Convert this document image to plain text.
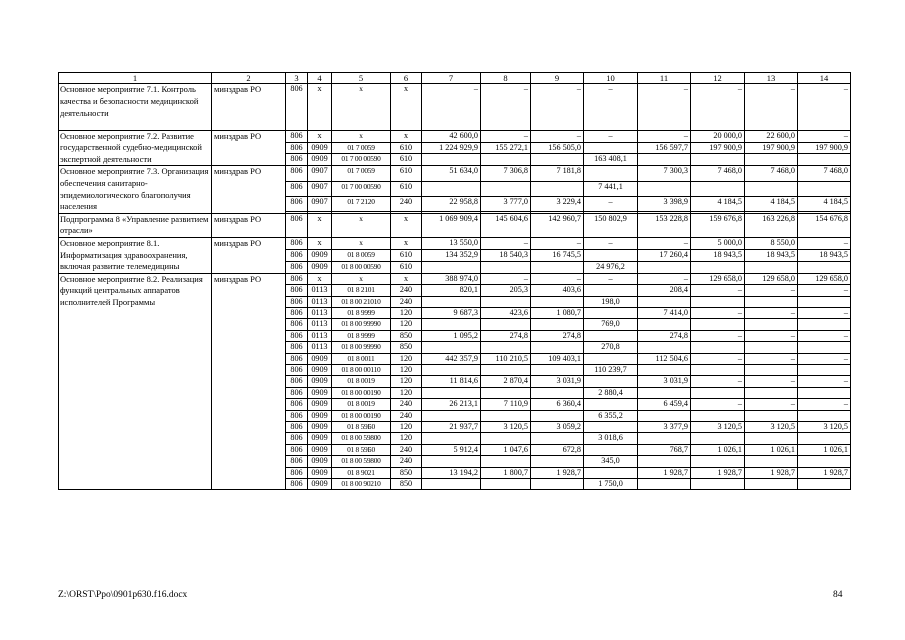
1	2	3	4	5	6	7	8	9	10	11	12	13	14
Основное мероприятие 7.1. Контроль качества и безопасности медицинской деятельности	минздрав РО	806	x	x	x	–	–	–	–	–	–	–	–
Основное мероприятие 7.2. Развитие государственной судебно-медицинской экспертной деятельности	минздрав РО	806	x	x	x	42 600,0	–	–	–	–	20 000,0	22 600,0	–
		806	0909	01 7 0059	610	1 224 929,9	155 272,1	156 505,0		156 597,7	197 900,9	197 900,9	197 900,9
		806	0909	01 7 00 00590	610				163 408,1				
Основное мероприятие 7.3. Организация обеспечения санитарно-эпидемиологического благополучия населения	минздрав РО	806	0907	01 7 0059	610	51 634,0	7 306,8	7 181,8		7 300,3	7 468,0	7 468,0	7 468,0
		806	0907	01 7 00 00590	610				7 441,1				
		806	0907	01 7 2120	240	22 958,8	3 777,0	3 229,4	–	3 398,9	4 184,5	4 184,5	4 184,5

Подпрограмма 8 «Управление развитием отрасли»	минздрав РО	806	x	x	x	1 069 909,4	145 604,6	142 960,7	150 802,9	153 228,8	159 676,8	163 226,8	154 676,8
Основное мероприятие 8.1. Информатизация здравоохранения, включая развитие телемедицины	минздрав РО	806	x	x	x	13 550,0	–	–	–	–	5 000,0	8 550,0	–
		806	0909	01 8 0059	610	134 352,9	18 540,3	16 745,5		17 260,4	18 943,5	18 943,5	18 943,5
		806	0909	01 8 00 00590	610				24 976,2				
Основное мероприятие 8.2. Реализация функций центральных аппаратов исполнителей Программы	минздрав РО	806	x	x	x	388 974,0	–	–	–	–	129 658,0	129 658,0	129 658,0
		806	0113	01 8 2101	240	820,1	205,3	403,6		208,4	–	–	–
		806	0113	01 8 00 21010	240				198,0				
		806	0113	01 8 9999	120	9 687,3	423,6	1 080,7		7 414,0	–	–	–
		806	0113	01 8 00 99990	120				769,0				
		806	0113	01 8 9999	850	1 095,2	274,8	274,8		274,8	–	–	–
		806	0113	01 8 00 99990	850				270,8				
		806	0909	01 8 0011	120	442 357,9	110 210,5	109 403,1		112 504,6	–	–	–
		806	0909	01 8 00 00110	120				110 239,7				
		806	0909	01 8 0019	120	11 814,6	2 870,4	3 031,9		3 031,9	–	–	–
		806	0909	01 8 00 00190	120				2 880,4				
		806	0909	01 8 0019	240	26 213,1	7 110,9	6 360,4		6 459,4	–	–	–
		806	0909	01 8 00 00190	240				6 355,2				
		806	0909	01 8 59Б0	120	21 937,7	3 120,5	3 059,2		3 377,9	3 120,5	3 120,5	3 120,5
		806	0909	01 8 00 59800	120				3 018,6				
		806	0909	01 8 59Б0	240	5 912,4	1 047,6	672,8		768,7	1 026,1	1 026,1	1 026,1
		806	0909	01 8 00 59800	240				345,0				
		806	0909	01 8 9021	850	13 194,2	1 800,7	1 928,7		1 928,7	1 928,7	1 928,7	1 928,7
		806	0909	01 8 00 90210	850				1 750,0				
Z:\ORST\Ppo\0901p630.f16.docx	84
